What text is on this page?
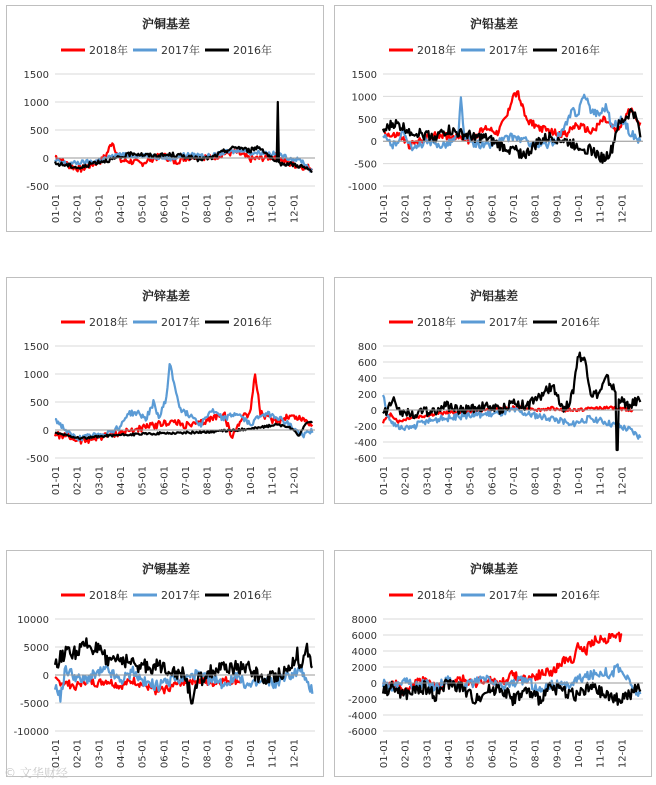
沪铜基差
2018年	2017年	2016年
-500
0
500
1000
1500
01-01 02-01 03-01 04-01 05-01 06-01 07-01 08-01 09-01 10-01 11-01 12-01
沪铅基差
2018年	2017年	2016年
-1000
-500
0
500
1000
1500
01-01 02-01 03-01 04-01 05-01 06-01 07-01 08-01 09-01 10-01 11-01 12-01
沪锌基差
2018年	2017年	2016年
-500
0
500
1000
1500
01-01 02-01 03-01 04-01 05-01 06-01 07-01 08-01 09-01 10-01 11-01 12-01
沪铝基差
2018年	2017年	2016年
-600
-400
-200
0
200
400
600
800
01-01 02-01 03-01 04-01 05-01 06-01 07-01 08-01 09-01 10-01 11-01 12-01
沪锡基差
2018年	2017年	2016年
-10000
-5000
0
5000
10000
01-01 02-01 03-01 04-01 05-01 06-01 07-01 08-01 09-01 10-01 11-01 12-01
沪镍基差
2018年	2017年	2016年
-6000
-4000
-2000
0
2000
4000
6000
8000
01-01 02-01 03-01 04-01 05-01 06-01 07-01 08-01 09-01 10-01 11-01 12-01
© 文华财经
